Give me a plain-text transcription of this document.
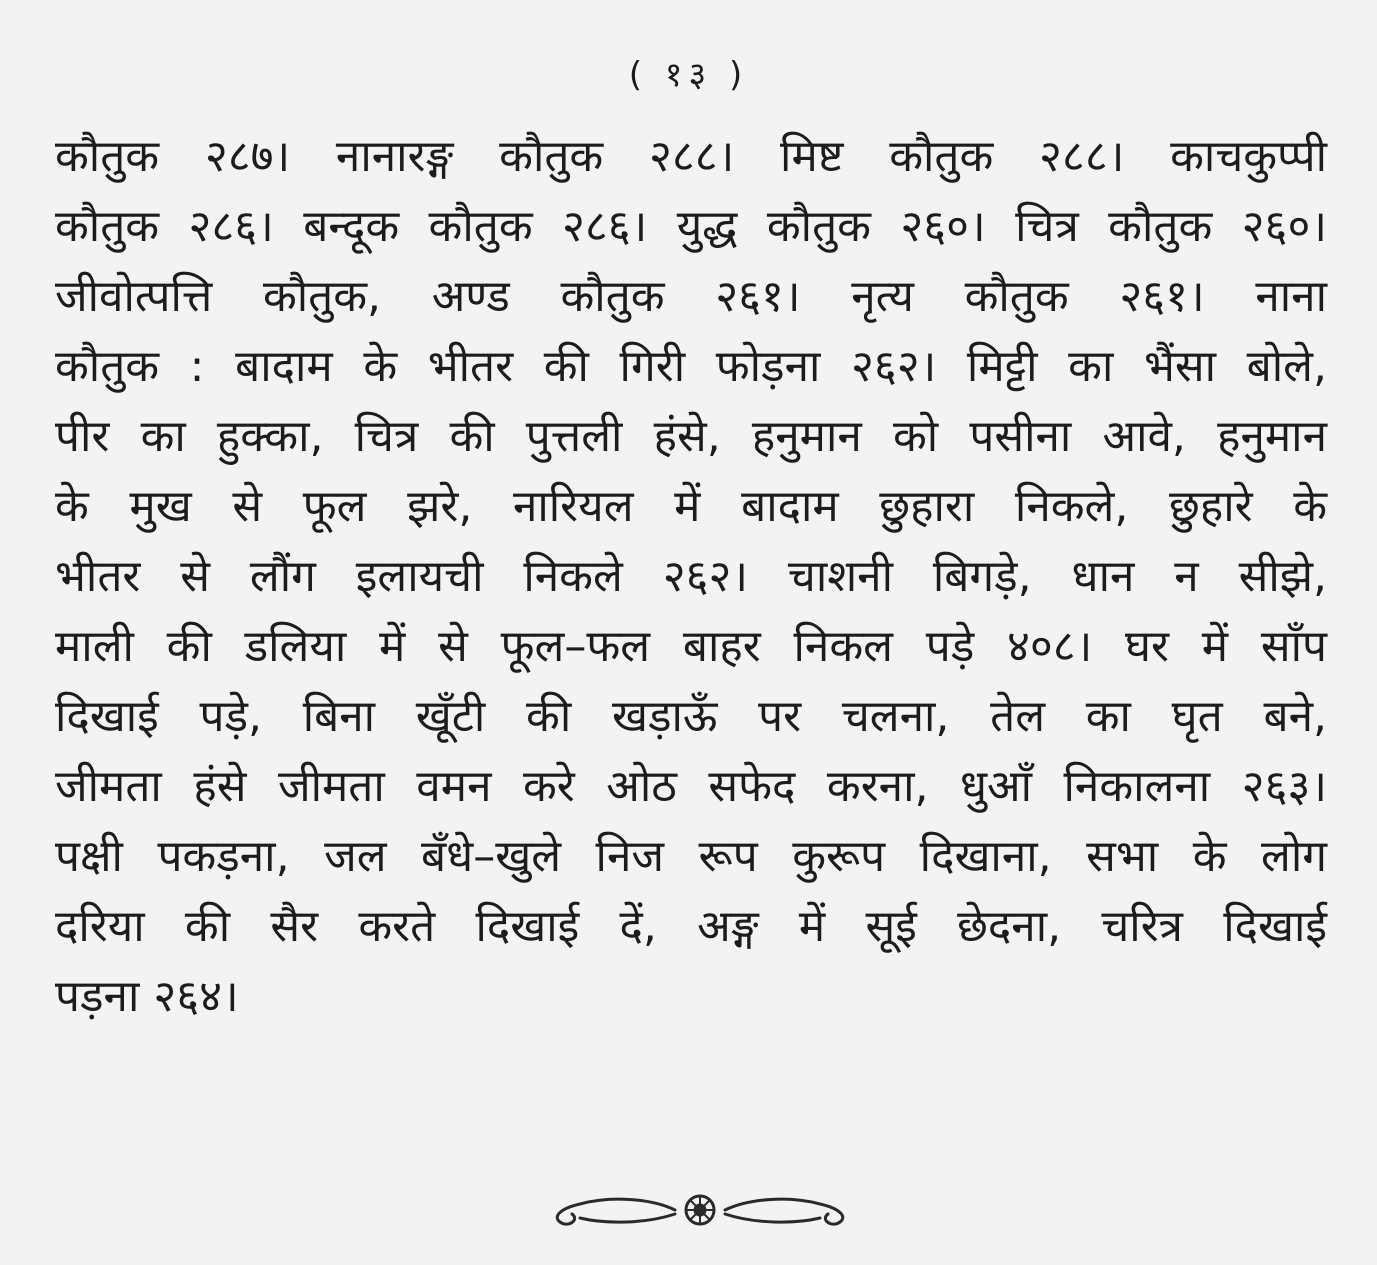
( १३ )
कौतुक २८७। नानारङ्ग कौतुक २८८। मिष्ट कौतुक २८८। काचकुप्पी
कौतुक २८६। बन्दूक कौतुक २८६। युद्ध कौतुक २६०। चित्र कौतुक २६०।
जीवोत्पत्ति कौतुक, अण्ड कौतुक २६१। नृत्य कौतुक २६१। नाना
कौतुक : बादाम के भीतर की गिरी फोड़ना २६२। मिट्टी का भैंसा बोले,
पीर का हुक्का, चित्र की पुत्तली हंसे, हनुमान को पसीना आवे, हनुमान
के मुख से फूल झरे, नारियल में बादाम छुहारा निकले, छुहारे के
भीतर से लौंग इलायची निकले २६२। चाशनी बिगड़े, धान न सीझे,
माली की डलिया में से फूल–फल बाहर निकल पड़े ४०८। घर में साँप
दिखाई पड़े, बिना खूँटी की खड़ाऊँ पर चलना, तेल का घृत बने,
जीमता हंसे जीमता वमन करे ओठ सफेद करना, धुआँ निकालना २६३।
पक्षी पकड़ना, जल बँधे–खुले निज रूप कुरूप दिखाना, सभा के लोग
दरिया की सैर करते दिखाई दें, अङ्ग में सूई छेदना, चरित्र दिखाई
पड़ना २६४।
